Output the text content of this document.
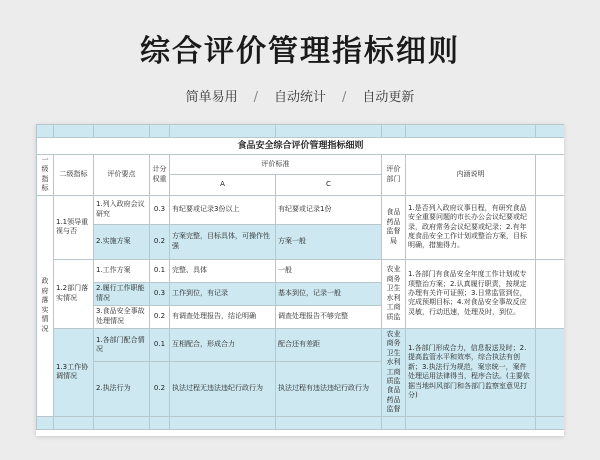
综合评价管理指标细则
简单易用 / 自动统计 / 自动更新

食品安全综合评价管理指标细则								
一级指标	二级指标	评价要点	计分权重	评价标准		评价部门	内涵说明	
				A	C			
政府落实情况	1.1领导重视与否	1.列入政府会议研究	0.3	有纪要或记录3份以上	有纪要或记录1份	食品药品监督局	1.是否列入政府议事日程，有研究食品安全重要问题的市长办公会议纪要或纪录，政府常务会议纪要或纪录；2.有年度食品安全工作计划或整治方案，目标明确，措施得力。	
		2.实施方案	0.2	方案完整，目标具体，可操作性强	方案一般			
	1.2部门落实情况	1.工作方案	0.1	完整、具体	一般	农业商务卫生水利工商质监	1.各部门有食品安全年度工作计划或专项整治方案；2.认真履行职责，按规定办理有关许可证照；3.日常监管到位，完成预期目标；4.对食品安全事故反应灵敏，行动迅速，处理及时，到位。	
		2.履行工作职能情况	0.3	工作到位，有记录	基本到位，记录一般			
		3.食品安全事故处理情况	0.2	有调查处理报告，结论明确	调查处理报告不够完整			
	1.3工作协调情况	1.各部门配合情况	0.1	互相配合，形成合力	配合还有差距	农业商务卫生水利工商质监食品药品监督	1.各部门形成合力，信息报送及时；2.提高监管水平和效率，综合执法有创新；3.执法行为规范，案宗统一，案件处理运用法律得当，程序合法。(主要依据当地纠风部门和各部门监察室意见打分)	
		2.执法行为	0.2	执法过程无违法违纪行政行为	执法过程有违法违纪行政行为			
